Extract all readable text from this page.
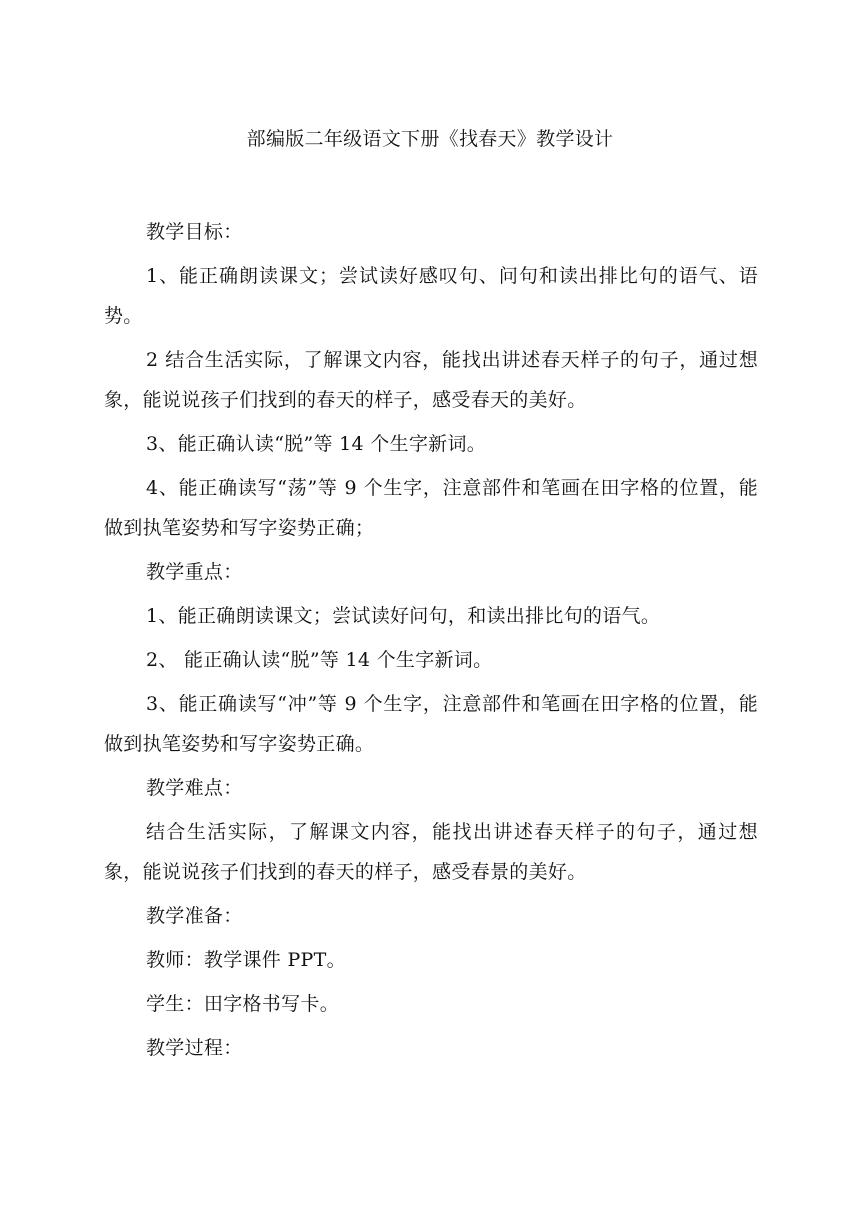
部编版二年级语文下册《找春天》教学设计

教学目标：

1、能正确朗读课文；尝试读好感叹句、问句和读出排比句的语气、语势。

2 结合生活实际，了解课文内容，能找出讲述春天样子的句子，通过想象，能说说孩子们找到的春天的样子，感受春天的美好。

3、能正确认读“脱”等 14 个生字新词。

4、能正确读写“荡”等 9 个生字，注意部件和笔画在田字格的位置，能做到执笔姿势和写字姿势正确；

教学重点：

1、能正确朗读课文；尝试读好问句，和读出排比句的语气。

2、 能正确认读“脱”等 14 个生字新词。

3、能正确读写“冲”等 9 个生字，注意部件和笔画在田字格的位置，能做到执笔姿势和写字姿势正确。

教学难点：

结合生活实际，了解课文内容，能找出讲述春天样子的句子，通过想象，能说说孩子们找到的春天的样子，感受春景的美好。

教学准备：

教师：教学课件 PPT。

学生：田字格书写卡。

教学过程：
